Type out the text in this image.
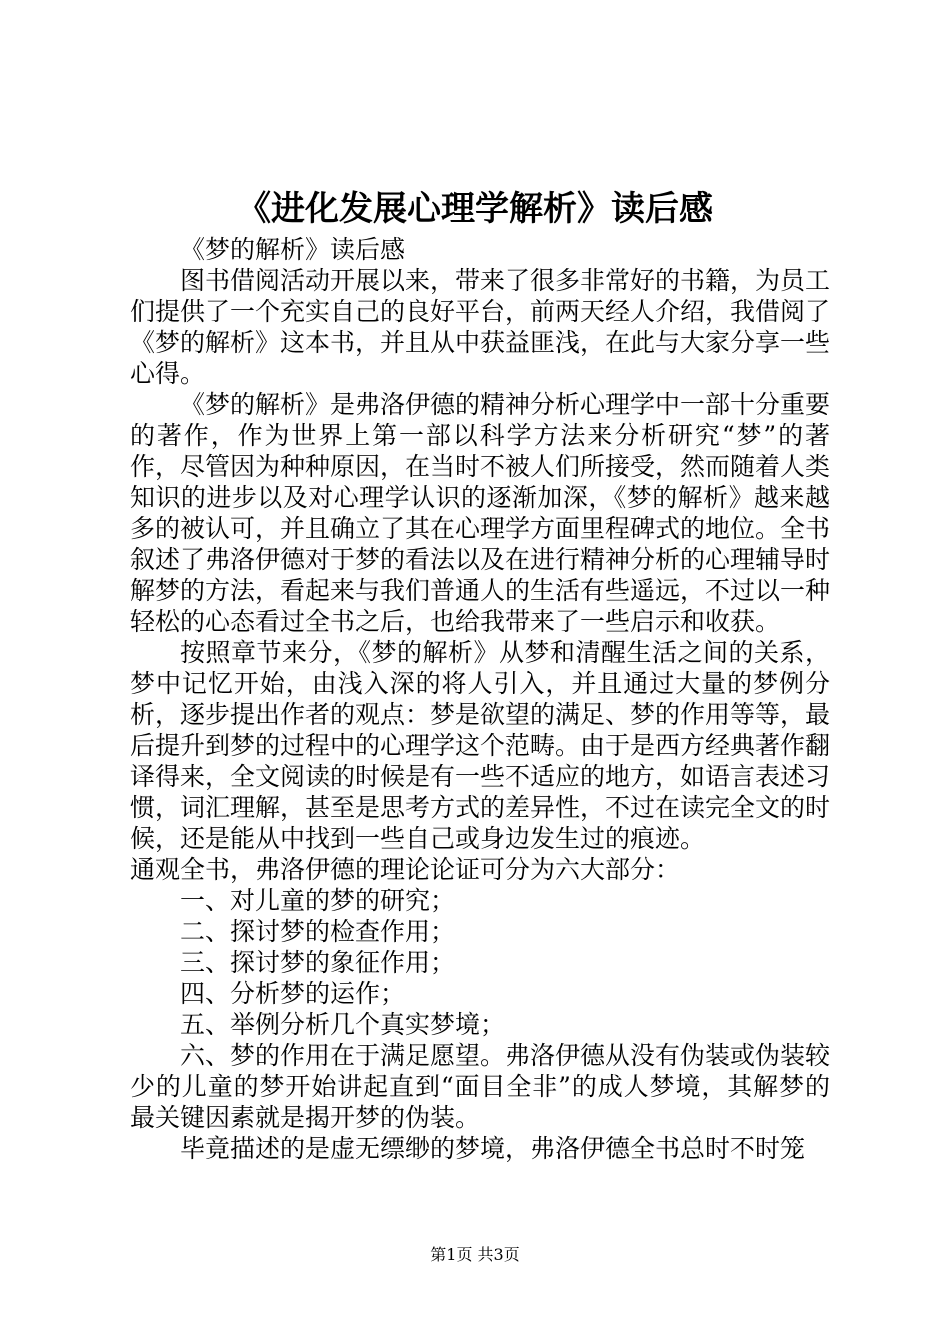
《进化发展心理学解析》读后感

《梦的解析》读后感

图书借阅活动开展以来，带来了很多非常好的书籍，为员工们提供了一个充实自己的良好平台，前两天经人介绍，我借阅了《梦的解析》这本书，并且从中获益匪浅，在此与大家分享一些心得。

《梦的解析》是弗洛伊德的精神分析心理学中一部十分重要的著作，作为世界上第一部以科学方法来分析研究“梦”的著作，尽管因为种种原因，在当时不被人们所接受，然而随着人类知识的进步以及对心理学认识的逐渐加深，《梦的解析》越来越多的被认可，并且确立了其在心理学方面里程碑式的地位。全书叙述了弗洛伊德对于梦的看法以及在进行精神分析的心理辅导时解梦的方法，看起来与我们普通人的生活有些遥远，不过以一种轻松的心态看过全书之后，也给我带来了一些启示和收获。

按照章节来分，《梦的解析》从梦和清醒生活之间的关系，梦中记忆开始，由浅入深的将人引入，并且通过大量的梦例分析，逐步提出作者的观点：梦是欲望的满足、梦的作用等等，最后提升到梦的过程中的心理学这个范畴。由于是西方经典著作翻译得来，全文阅读的时候是有一些不适应的地方，如语言表述习惯，词汇理解，甚至是思考方式的差异性，不过在读完全文的时候，还是能从中找到一些自己或身边发生过的痕迹。

通观全书，弗洛伊德的理论论证可分为六大部分：

一、对儿童的梦的研究；

二、探讨梦的检查作用；

三、探讨梦的象征作用；

四、分析梦的运作；

五、举例分析几个真实梦境；

六、梦的作用在于满足愿望。弗洛伊德从没有伪装或伪装较少的儿童的梦开始讲起直到“面目全非”的成人梦境，其解梦的最关键因素就是揭开梦的伪装。

毕竟描述的是虚无缥缈的梦境，弗洛伊德全书总时不时笼

第1页 共3页
